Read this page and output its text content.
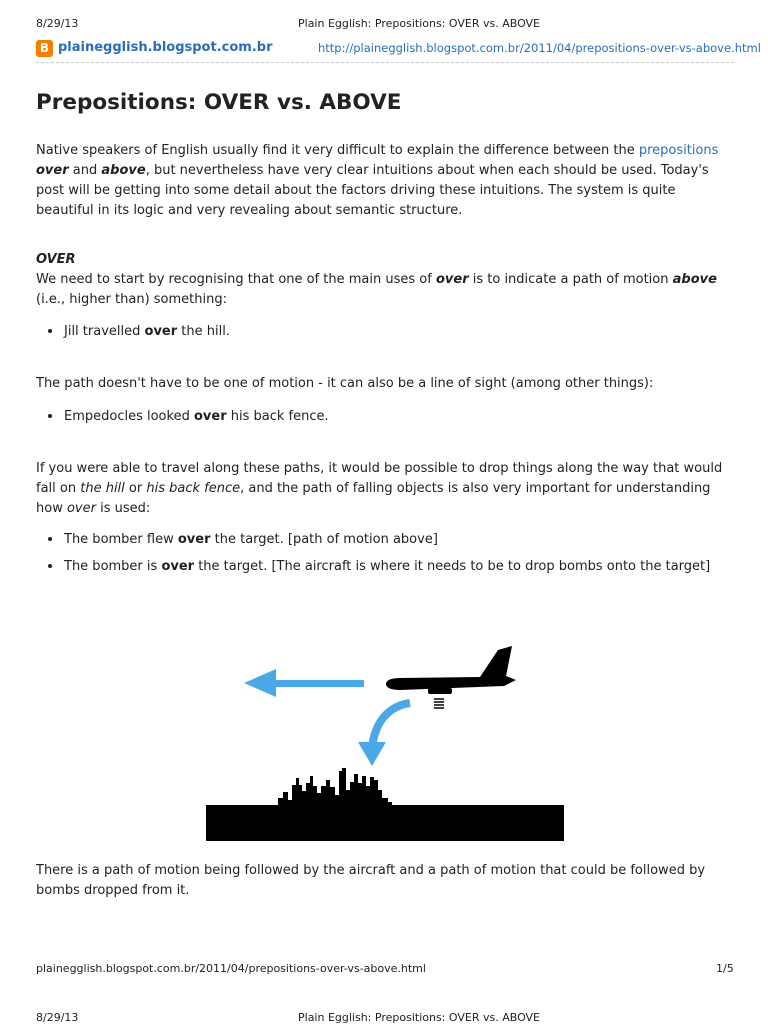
8/29/13	Plain Egglish: Prepositions: OVER vs. ABOVE
B plainegglish.blogspot.com.br	http://plainegglish.blogspot.com.br/2011/04/prepositions-over-vs-above.html
Prepositions: OVER vs. ABOVE

Native speakers of English usually find it very difficult to explain the difference between the prepositions over and above, but nevertheless have very clear intuitions about when each should be used. Today's post will be getting into some detail about the factors driving these intuitions. The system is quite beautiful in its logic and very revealing about semantic structure.

OVER

We need to start by recognising that one of the main uses of over is to indicate a path of motion above (i.e., higher than) something:

Jill travelled over the hill.

The path doesn't have to be one of motion - it can also be a line of sight (among other things):

Empedocles looked over his back fence.

If you were able to travel along these paths, it would be possible to drop things along the way that would fall on the hill or his back fence, and the path of falling objects is also very important for understanding how over is used:

The bomber flew over the target. [path of motion above]
The bomber is over the target. [The aircraft is where it needs to be to drop bombs onto the target]

There is a path of motion being followed by the aircraft and a path of motion that could be followed by bombs dropped from it.

plainegglish.blogspot.com.br/2011/04/prepositions-over-vs-above.html	1/5
8/29/13	Plain Egglish: Prepositions: OVER vs. ABOVE
